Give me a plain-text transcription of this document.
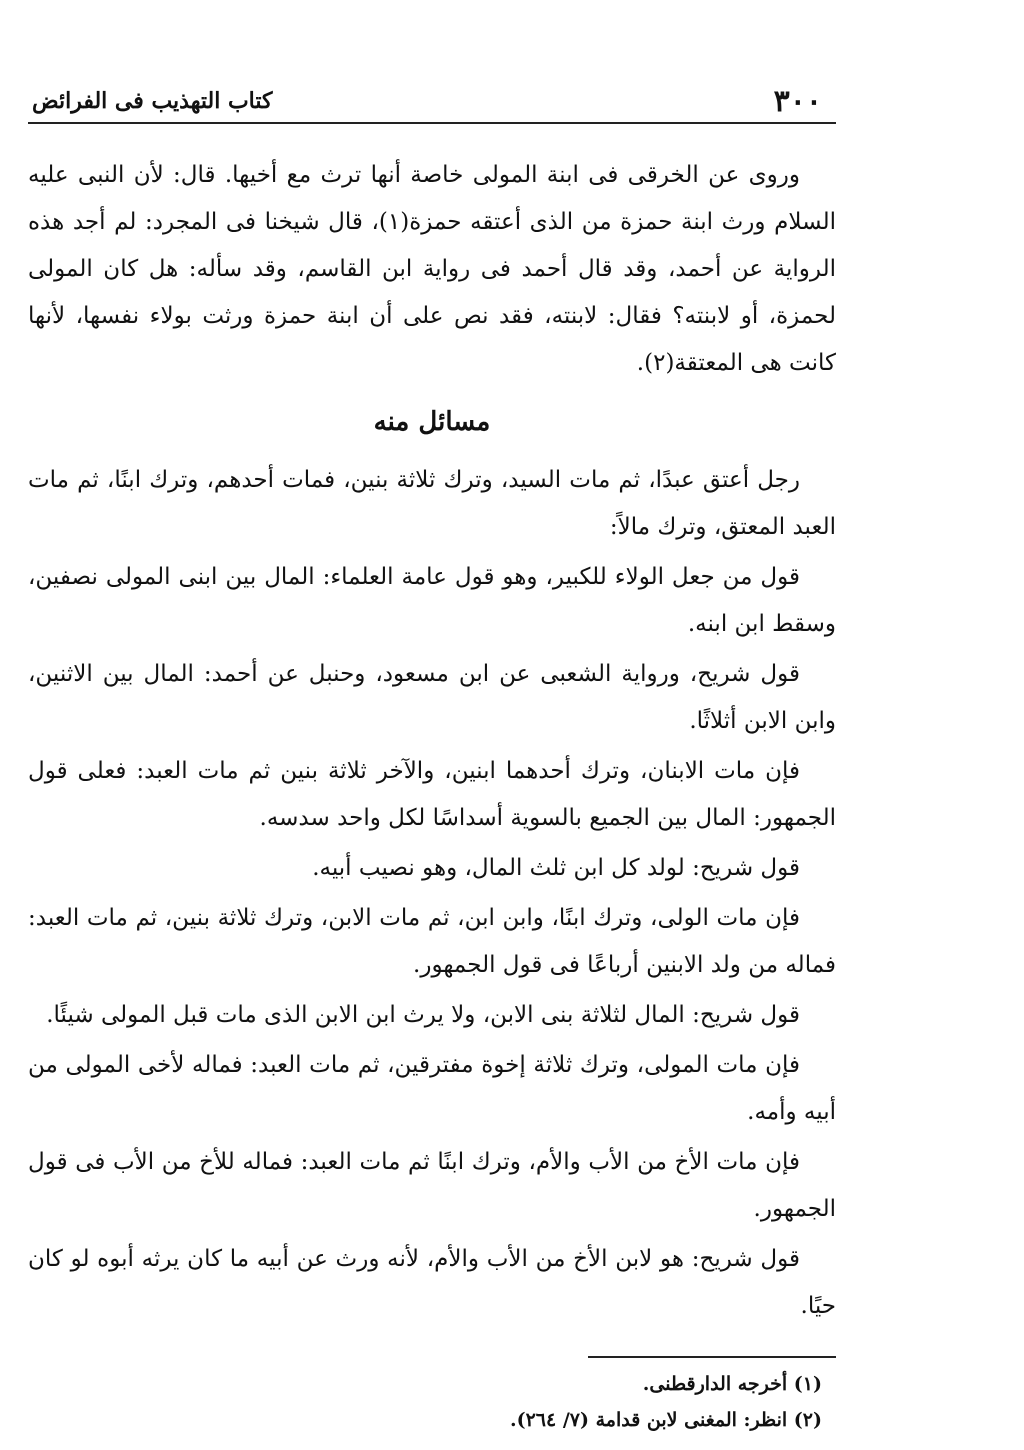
٣٠٠
كتاب التهذيب فى الفرائض

وروى عن الخرقى فى ابنة المولى خاصة أنها ترث مع أخيها. قال: لأن النبى عليه السلام ورث ابنة حمزة من الذى أعتقه حمزة(١)، قال شيخنا فى المجرد: لم أجد هذه الرواية عن أحمد، وقد قال أحمد فى رواية ابن القاسم، وقد سأله: هل كان المولى لحمزة، أو لابنته؟ فقال: لابنته، فقد نص على أن ابنة حمزة ورثت بولاء نفسها، لأنها كانت هى المعتقة(٢).

مسائل منه

رجل أعتق عبدًا، ثم مات السيد، وترك ثلاثة بنين، فمات أحدهم، وترك ابنًا، ثم مات العبد المعتق، وترك مالاً:

قول من جعل الولاء للكبير، وهو قول عامة العلماء: المال بين ابنى المولى نصفين، وسقط ابن ابنه.

قول شريح، ورواية الشعبى عن ابن مسعود، وحنبل عن أحمد: المال بين الاثنين، وابن الابن أثلاثًا.

فإن مات الابنان، وترك أحدهما ابنين، والآخر ثلاثة بنين ثم مات العبد: فعلى قول الجمهور: المال بين الجميع بالسوية أسداسًا لكل واحد سدسه.

قول شريح: لولد كل ابن ثلث المال، وهو نصيب أبيه.

فإن مات الولى، وترك ابنًا، وابن ابن، ثم مات الابن، وترك ثلاثة بنين، ثم مات العبد: فماله من ولد الابنين أرباعًا فى قول الجمهور.

قول شريح: المال لثلاثة بنى الابن، ولا يرث ابن الابن الذى مات قبل المولى شيئًا.

فإن مات المولى، وترك ثلاثة إخوة مفترقين، ثم مات العبد: فماله لأخى المولى من أبيه وأمه.

فإن مات الأخ من الأب والأم، وترك ابنًا ثم مات العبد: فماله للأخ من الأب فى قول الجمهور.

قول شريح: هو لابن الأخ من الأب والأم، لأنه ورث عن أبيه ما كان يرثه أبوه لو كان حيًا.

(١) أخرجه الدارقطنى.
(٢) انظر: المغنى لابن قدامة (٧/ ٢٦٤).
